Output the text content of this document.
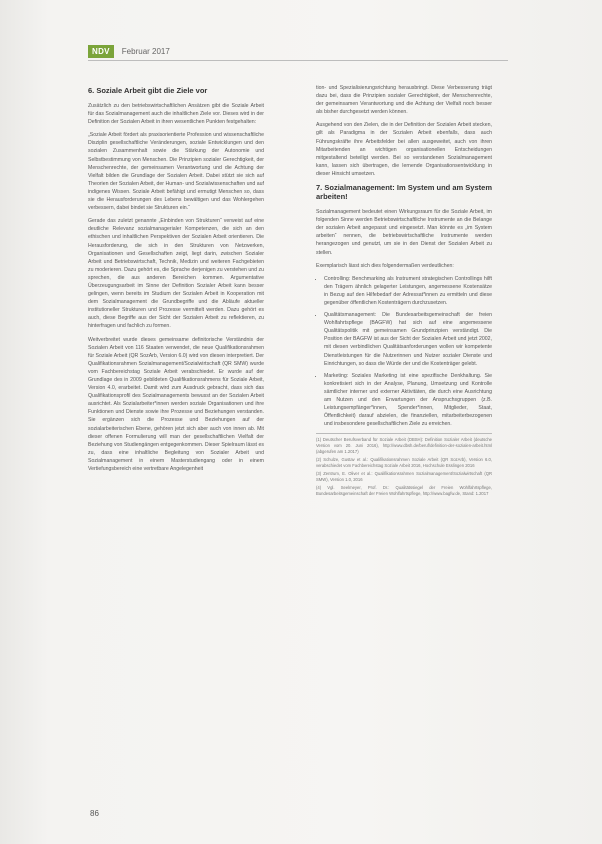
NDV	Februar 2017
6. Soziale Arbeit gibt die Ziele vor

Zusätzlich zu den betriebswirtschaftlichen Ansätzen gibt die Soziale Arbeit für das Sozialmanagement auch die inhaltlichen Ziele vor. Dieses wird in der Definition der Sozialen Arbeit in ihren wesentlichen Punkten festgehalten:

„Soziale Arbeit fördert als praxisorientierte Profession und wissenschaftliche Disziplin gesellschaftliche Veränderungen, soziale Entwicklungen und den sozialen Zusammenhalt sowie die Stärkung der Autonomie und Selbstbestimmung von Menschen. Die Prinzipien sozialer Gerechtigkeit, der Menschenrechte, der gemeinsamen Verantwortung und die Achtung der Vielfalt bilden die Grundlage der Sozialen Arbeit. Dabei stützt sie sich auf Theorien der Sozialen Arbeit, der Human- und Sozialwissenschaften und auf indigenes Wissen. Soziale Arbeit befähigt und ermutigt Menschen so, dass sie die Herausforderungen des Lebens bewältigen und das Wohlergehen verbessern, dabei bindet sie Strukturen ein.“

Gerade das zuletzt genannte „Einbinden von Strukturen“ verweist auf eine deutliche Relevanz sozialmanagerialer Kompetenzen, die sich an den ethischen und inhaltlichen Perspektiven der Sozialen Arbeit orientieren. Die Herausforderung, die sich in den Strukturen von Netzwerken, Organisationen und Gesellschaften zeigt, liegt darin, zwischen Sozialer Arbeit und Betriebswirtschaft, Technik, Medizin und weiteren Fachgebieten zu moderieren. Dazu gehört es, die Sprache derjenigen zu verstehen und zu sprechen, die aus anderen Bereichen kommen. Argumentative Überzeugungsarbeit im Sinne der Definition Sozialer Arbeit kann besser gelingen, wenn bereits im Studium der Sozialen Arbeit in Kooperation mit dem Sozialmanagement die Grundbegriffe und die Abläufe aktueller institutioneller Strukturen und Prozesse vermittelt werden. Dazu gehört es auch, diese Begriffe aus der Sicht der Sozialen Arbeit zu reflektieren, zu hinterfragen und fachlich zu formen.

Weitverbreitet wurde dieses gemeinsame definitorische Verständnis der Sozialen Arbeit von 116 Staaten verwendet, die neue Qualifikationsrahmen für Soziale Arbeit (QR SozArb, Version 6.0) wird von diesen interpretiert. Der Qualifikationsrahmen Sozialmanagement/Sozialwirtschaft (QR SMW) wurde vom Fachbereichstag Soziale Arbeit verabschiedet. Er wurde auf der Grundlage des in 2009 gebildeten Qualifikationsrahmens für Soziale Arbeit, Version 4.0, erarbeitet. Damit wird zum Ausdruck gebracht, dass sich das Qualifikationsprofil des Sozialmanagements bewusst an der Sozialen Arbeit ausrichtet. Als Sozialarbeiter*innen werden soziale Organisationen und ihre Funktionen und Dienste sowie ihre Prozesse und Beziehungen verstanden. Sie ergänzen sich die Prozesse und Beziehungen auf der sozialarbeiterischen Ebene, gehören jetzt sich aber auch von innen ab. Mit dieser offenen Formulierung will man der gesellschaftlichen Vielfalt der Beziehung von Studiengängen entgegenkommen. Dieser Spielraum lässt es zu, dass eine inhaltliche Begleitung von Sozialer Arbeit und Sozialmanagement in einem Masterstudiengang oder in einem Vertiefungsbereich eine vertretbare Angelegenheit

tion- und Spezialisierungsrichtung herausbringt. Diese Verbesserung trägt dazu bei, dass die Prinzipien sozialer Gerechtigkeit, der Menschenrechte, der gemeinsamen Verantwortung und die Achtung der Vielfalt noch besser als bisher durchgesetzt werden können.

Ausgehend von den Zielen, die in der Definition der Sozialen Arbeit stecken, gilt als Paradigma in der Sozialen Arbeit ebenfalls, dass auch Führungskräfte ihre Arbeitsfelder bei allen ausgeweitet, auch von ihren Mitarbeitenden an wichtigen organisationellen Entscheidungen mitgestaltend beteiligt werden. Bei so verstandenen Sozialmanagement kann, lassen sich übertragen, die lernende Organisationsentwicklung in dieser Hinsicht umsetzen.

7. Sozialmanagement: Im System und am System arbeiten!

Sozialmanagement bedeutet einen Wirkungsraum für die Soziale Arbeit, im folgenden Sinne werden Betriebswirtschaftliche Instrumente an die Belange der sozialen Arbeit angepasst und eingesetzt. Man könnte es „im System arbeiten“ nennen, die betriebswirtschaftliche Instrumente werden herangezogen und genutzt, um sie in den Dienst der Sozialen Arbeit zu stellen.

Exemplarisch lässt sich dies folgendermaßen verdeutlichen:

• Controlling: Benchmarking als Instrument strategischen Controllings hilft den Trägern ähnlich gelagerter Leistungen, angemessene Kostensätze in Bezug auf den Hilfebedarf der Adressat*innen zu ermitteln und diese gegenüber öffentlichen Kostenträgern durchzusetzen.
• Qualitätsmanagement: Die Bundesarbeitsgemeinschaft der freien Wohlfahrtspflege (BAGFW) hat sich auf eine angemessene Qualitätspolitik mit gemeinsamen Grundprinzipien verständigt. Die Position der BAGFW ist aus der Sicht der Sozialen Arbeit und jetzt 2002, mit diesen verbindlichen Qualitätsanforderungen wollen wir kompetente Dienstleistungen für die Nutzerinnen und Nutzer sozialer Dienste und Einrichtungen, so dass die Würde der und die Kostenträger gelebt.
• Marketing: Soziales Marketing ist eine spezifische Denkhaltung. Sie konkretisiert sich in der Analyse, Planung, Umsetzung und Kontrolle sämtlicher interner und externer Aktivitäten, die durch eine Ausrichtung am Nutzen und den Erwartungen der Anspruchsgruppen (z.B. Leistungsempfänger*innen, Spender*innen, Mitglieder, Staat, Öffentlichkeit) darauf abzielen, die finanziellen, mitarbeiterbezogenen und insbesondere gesellschaftlichen Ziele zu erreichen.
(1) Deutscher Berufsverband für Soziale Arbeit (DBSH): Definition Sozialer Arbeit (deutsche Version vom 20. Juni 2016), http://www.dbsh.de/beruf/definition-der-sozialen-arbeit.html (abgerufen am 1.2017)
(2) Schulze, Gustav et al.: Qualifikationsrahmen Soziale Arbeit (QR SozArb), Version 6.0, verabschiedet vom Fachbereichstag Soziale Arbeit 2016, Hochschule Esslingen 2016
(3) Zentrum, E. Oliver et al.: Qualifikationsrahmen Sozialmanagement/Sozialwirtschaft (QR SMW), Version 1.0, 2016
(4) Vgl. Seelmeyer, Prof. Dr.: Qualitätssiegel der Freien Wohlfahrtspflege, Bundesarbeitsgemeinschaft der Freien Wohlfahrtspflege, http://www.bagfw.de, Stand: 1.2017
86
